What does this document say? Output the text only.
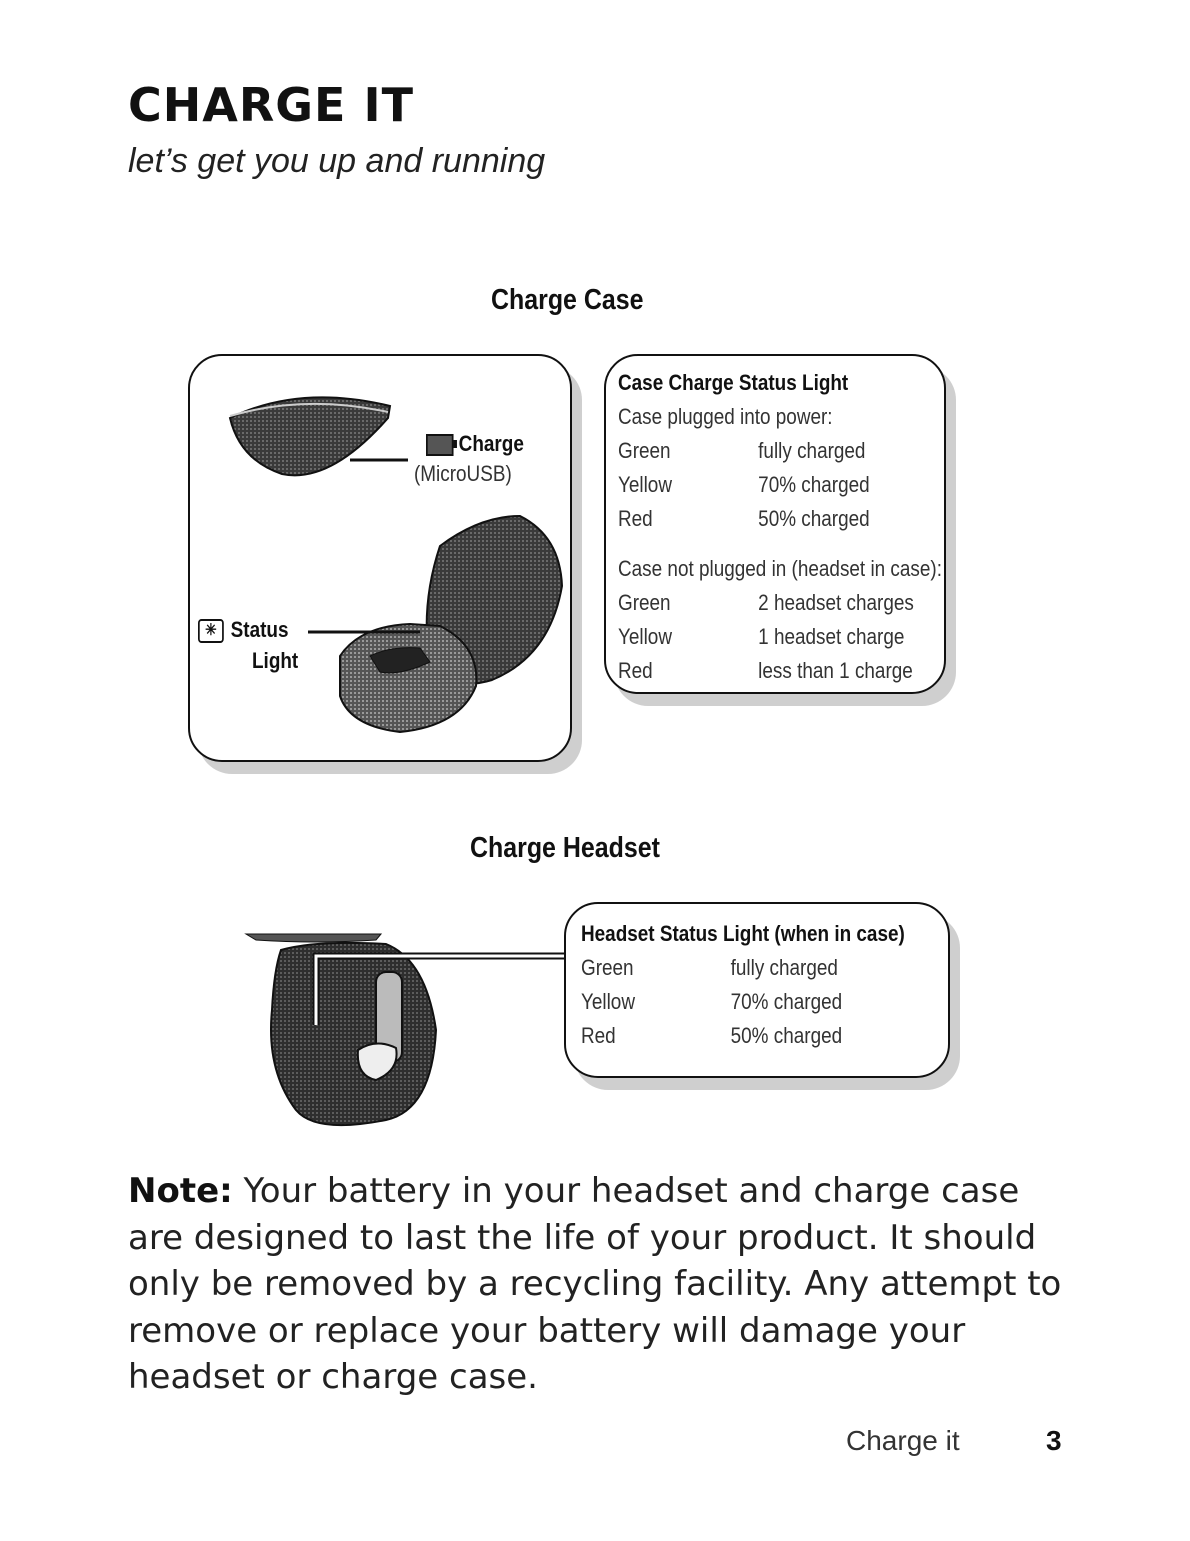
CHARGE IT
let’s get you up and running
Charge Case
Charge
(MicroUSB)
✳ Status
Light
Case Charge Status Light
Case plugged into power:
Green	fully charged
Yellow	70% charged
Red	50% charged
Case not plugged in (headset in case):
Green	2 headset charges
Yellow	1 headset charge
Red	less than 1 charge
Charge Headset
Headset Status Light (when in case)
Green	fully charged
Yellow	70% charged
Red	50% charged
Note: Your battery in your headset and charge case are designed to last the life of your product. It should only be removed by a recycling facility. Any attempt to remove or replace your battery will damage your headset or charge case.
Charge it	3
